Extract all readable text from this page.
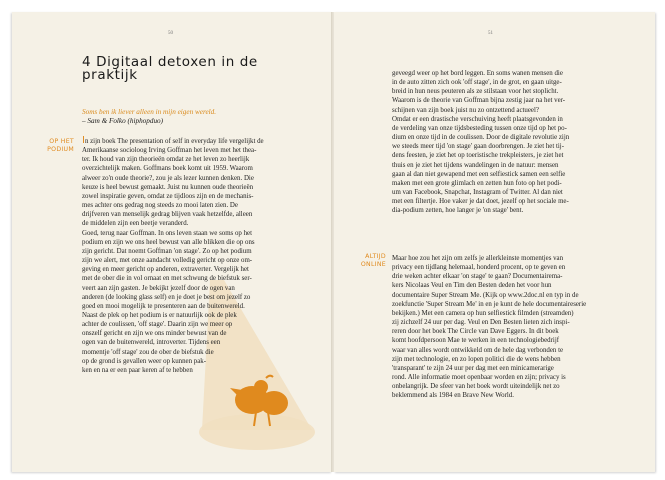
50
4 Digitaal detoxen in de praktijk
Soms ben ik liever alleen in mijn eigen wereld.
– Sam & Folko (hiphopduo)
OP HET PODIUM
In zijn boek The presentation of self in everyday life vergelijkt de
Amerikaanse socioloog Irving Goffman het leven met het thea-
ter. Ik houd van zijn theorieën omdat ze het leven zo heerlijk
overzichtelijk maken. Goffmans boek komt uit 1959. Waarom
alweer zo'n oude theorie?, zou je als lezer kunnen denken. Die
keuze is heel bewust gemaakt. Juist nu kunnen oude theorieën
zowel inspiratie geven, omdat ze tijdloos zijn en de mechanis-
mes achter ons gedrag nog steeds zo mooi laten zien. De
drijfveren van menselijk gedrag blijven vaak hetzelfde, alleen
de middelen zijn een beetje veranderd.
Goed, terug naar Goffman. In ons leven staan we soms op het
podium en zijn we ons heel bewust van alle blikken die op ons
zijn gericht. Dat noemt Goffman 'on stage'. Zo op het podium
zijn we alert, met onze aandacht volledig gericht op onze om-
geving en meer gericht op anderen, extraverter. Vergelijk het
met de ober die in vol ornaat en met schwung de biefstuk ser-
veert aan zijn gasten. Je bekijkt jezelf door de ogen van
anderen (de looking glass self) en je doet je best om jezelf zo
goed en mooi mogelijk te presenteren aan de buitenwereld.
Naast de plek op het podium is er natuurlijk ook de plek
achter de coulissen, 'off stage'. Daarin zijn we meer op
onszelf gericht en zijn we ons minder bewust van de
ogen van de buitenwereld, introverter. Tijdens een
momentje 'off stage' zou de ober de biefstuk die
op de grond is gevallen weer op kunnen pak-
ken en na er een paar keren af te hebben
51
geveegd weer op het bord leggen. En soms wanen mensen die
in de auto zitten zich ook 'off stage', in de grot, en gaan uitge-
breid in hun neus peuteren als ze stilstaan voor het stoplicht.
Waarom is de theorie van Goffman bijna zestig jaar na het ver-
schijnen van zijn boek juist nu zo ontzettend actueel?
Omdat er een drastische verschuiving heeft plaatsgevonden in
de verdeling van onze tijdsbesteding tussen onze tijd op het po-
dium en onze tijd in de coulissen. Door de digitale revolutie zijn
we steeds meer tijd 'on stage' gaan doorbrengen. Je ziet het tij-
dens feesten, je ziet het op toeristische trekpleisters, je ziet het
thuis en je ziet het tijdens wandelingen in de natuur: mensen
gaan al dan niet gewapend met een selfiestick samen een selfie
maken met een grote glimlach en zetten hun foto op het podi-
um van Facebook, Snapchat, Instagram of Twitter. Al dan niet
met een filtertje. Hoe vaker je dat doet, jezelf op het sociale me-
dia-podium zetten, hoe langer je 'on stage' bent.
ALTIJD ONLINE
Maar hoe zou het zijn om zelfs je allerkleinste momentjes van
privacy een tijdlang helemaal, honderd procent, op te geven en
drie weken achter elkaar 'on stage' te gaan? Documentairema-
kers Nicolaas Veul en Tim den Besten deden het voor hun
documentaire Super Stream Me. (Kijk op www.2doc.nl en typ in de
zoekfunctie 'Super Stream Me' in en je kunt de hele documentaireserie
bekijken.) Met een camera op hun selfiestick filmden (streamden)
zij zichzelf 24 uur per dag. Veul en Den Besten lieten zich inspi-
reren door het boek The Circle van Dave Eggers. In dit boek
komt hoofdpersoon Mae te werken in een technologiebedrijf
waar van alles wordt ontwikkeld om de hele dag verbonden te
zijn met technologie, en zo lopen politici die de wens hebben
'transparant' te zijn 24 uur per dag met een minicamerarige
rond. Alle informatie moet openbaar worden en zijn; privacy is
onbelangrijk. De sfeer van het boek wordt uiteindelijk net zo
beklemmend als 1984 en Brave New World.
